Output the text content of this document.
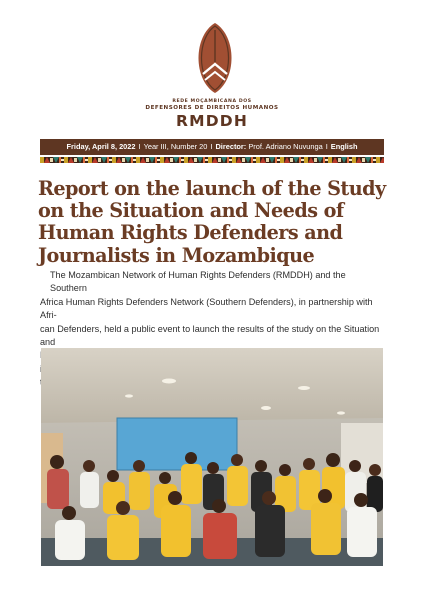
REDE MOÇAMBICANA DOS
DEFENSORES DE DIREITOS HUMANOS
RMDDH
Friday, April 8, 2022 I Year III, Number 20 I Director: Prof. Adriano Nuvunga I English
Report on the launch of the Study on the Situation and Needs of Human Rights Defenders and Journalists in Mozambique
The Mozambican Network of Human Rights Defenders (RMDDH) and the Southern
Africa Human Rights Defenders Network (Southern Defenders), in partnership with Afri-
can Defenders, held a public event to launch the results of the study on the Situation and
